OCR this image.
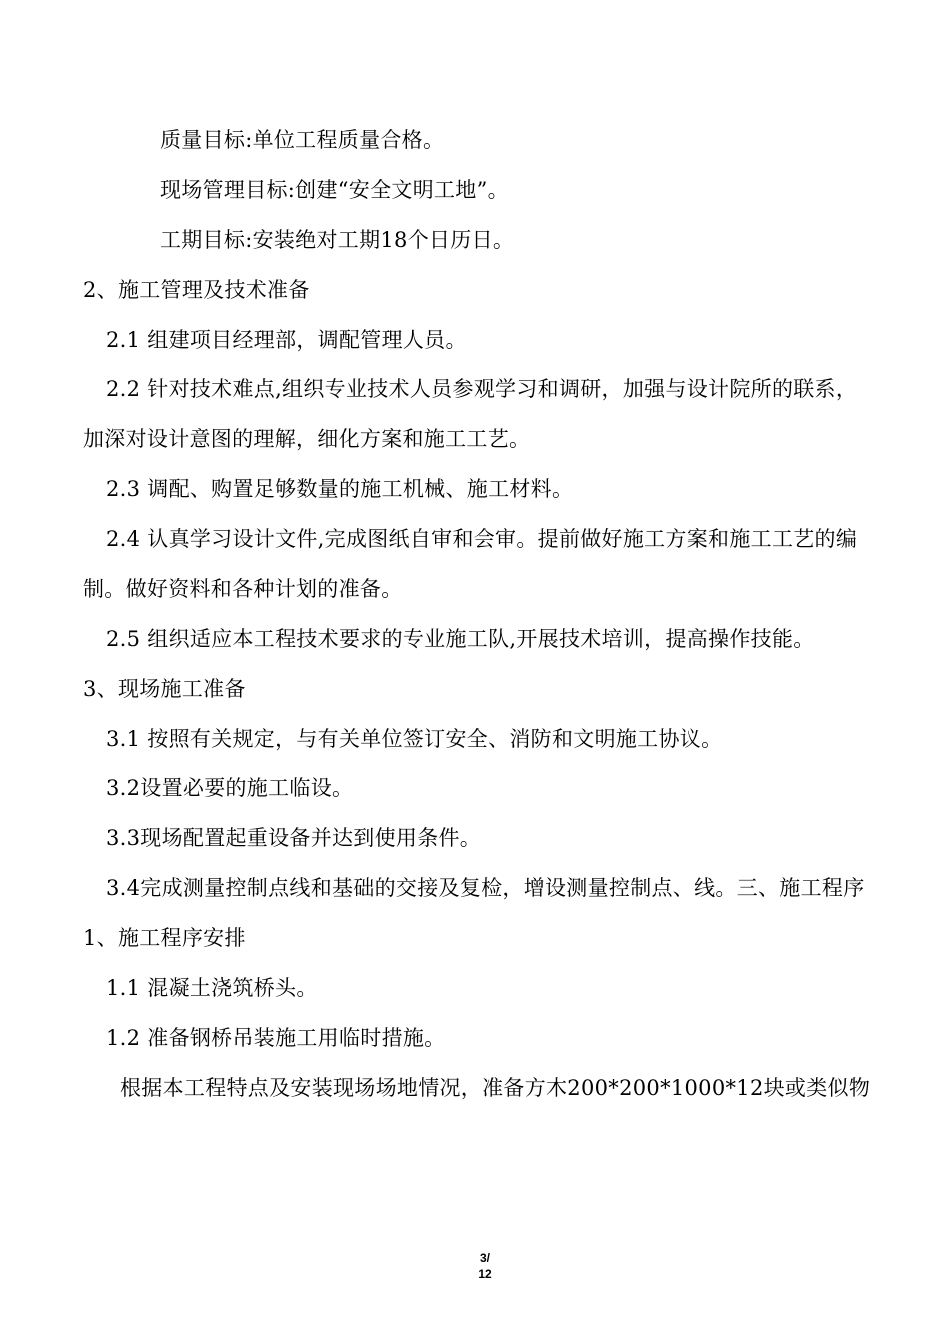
质量目标:单位工程质量合格。
现场管理目标:创建“安全文明工地”。
工期目标:安装绝对工期18个日历日。
2、施工管理及技术准备
2.1 组建项目经理部，调配管理人员。
2.2 针对技术难点,组织专业技术人员参观学习和调研，加强与设计院所的联系，
加深对设计意图的理解，细化方案和施工工艺。
2.3 调配、购置足够数量的施工机械、施工材料。
2.4 认真学习设计文件,完成图纸自审和会审。提前做好施工方案和施工工艺的编
制。做好资料和各种计划的准备。
2.5 组织适应本工程技术要求的专业施工队,开展技术培训，提高操作技能。
3、现场施工准备
3.1 按照有关规定，与有关单位签订安全、消防和文明施工协议。
3.2设置必要的施工临设。
3.3现场配置起重设备并达到使用条件。
3.4完成测量控制点线和基础的交接及复检，增设测量控制点、线。三、施工程序
1、施工程序安排
1.1 混凝土浇筑桥头。
1.2 准备钢桥吊装施工用临时措施。
根据本工程特点及安装现场场地情况，准备方木200*200*1000*12块或类似物
3/
12
